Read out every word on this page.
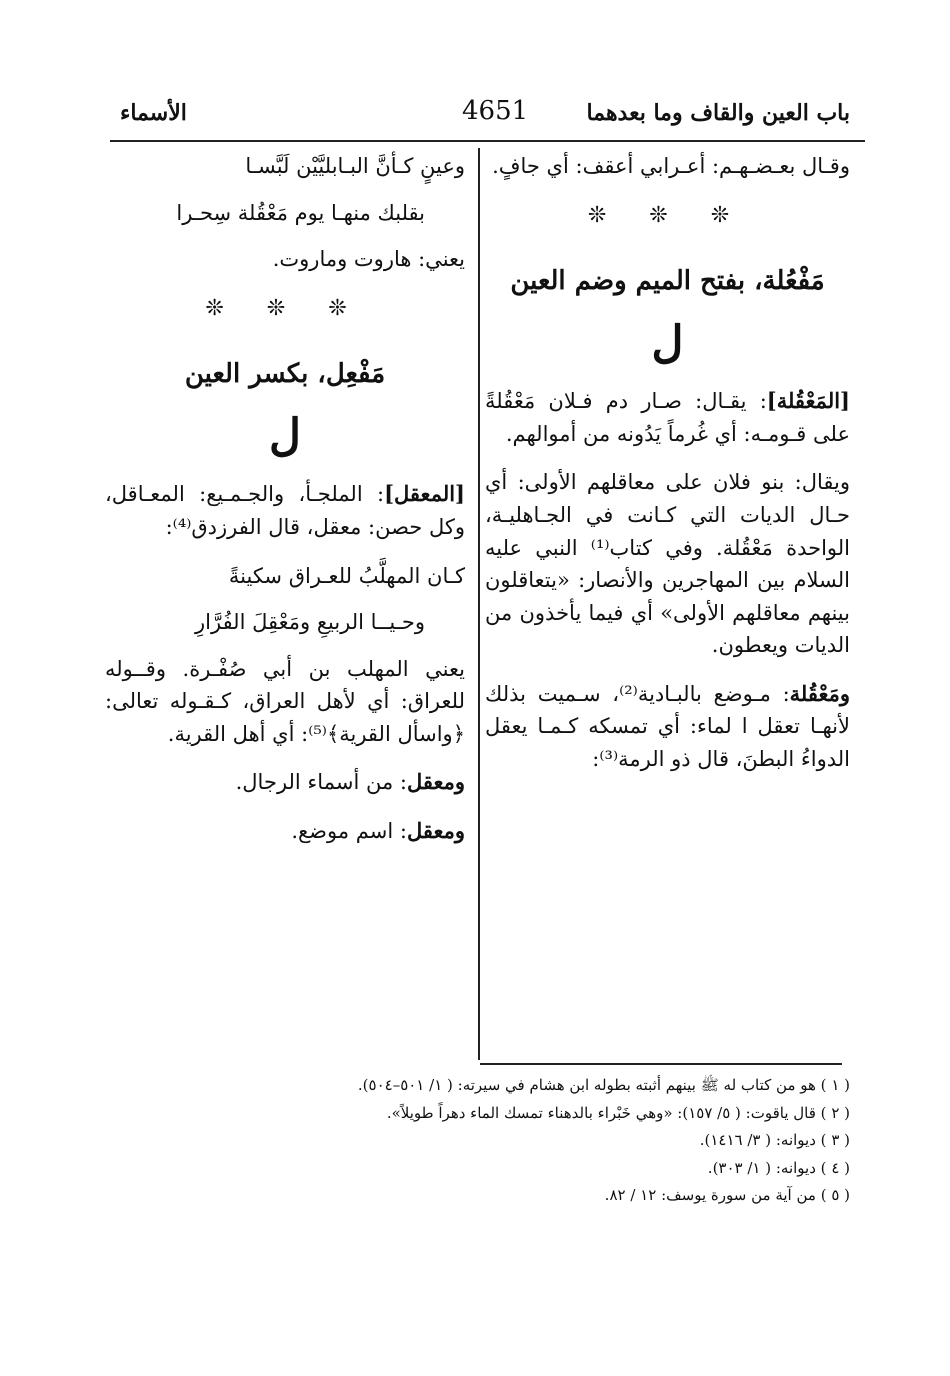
باب العين والقاف وما بعدهما
4651
الأسماء

وقـال بعـضـهـم: أعـرابي أعقف: أي جافٍ.

❊ ❊ ❊
مَفْعُلة، بفتح الميم وضم العين
ل

[المَعْقُلة]: يقـال: صـار دم فـلان مَعْقُلةً على قـومـه: أي غُرماً يَدُونه من أموالهم.

ويقال: بنو فلان على معاقلهم الأولى: أي حـال الديات التي كـانت في الجـاهليـة، الواحدة مَعْقُلة. وفي كتاب⁽¹⁾ النبي عليه السلام بين المهاجرين والأنصار: «يتعاقلون بينهم معاقلهم الأولى» أي فيما يأخذون من الديات ويعطون.

ومَعْقُلة: مـوضع بالبـادية⁽²⁾، سـميت بذلك لأنهـا تعقل ا لماء: أي تمسكه كـمـا يعقل الدواءُ البطنَ، قال ذو الرمة⁽³⁾:

وعينٍ كـأنَّ البـابليَّيْن لَبَّسـا

بقلبك منهـا يوم مَعْقُلة سِحـرا

يعني: هاروت وماروت.

❊ ❊ ❊
مَفْعِل، بكسر العين
ل

[المعقل]: الملجـأ، والجـمـيع: المعـاقل، وكل حصن: معقل، قال الفرزدق⁽⁴⁾:

كـان المهلَّبُ للعـراق سكينةً

وحـيــا الربيعِ ومَعْقِلَ الفُرَّارِ

يعني المهلب بن أبي صُفْـرة. وقــوله للعراق: أي لأهل العراق، كـقـوله تعالى: ﴿واسأل القرية﴾⁽⁵⁾: أي أهل القرية.

ومعقل: من أسماء الرجال.

ومعقل: اسم موضع.

( ١ ) هو من كتاب له ﷺ بينهم أثبته بطوله ابن هشام في سيرته: ( ١/ ٥٠١–٥٠٤).

( ٢ ) قال ياقوت: ( ٥/ ١٥٧): «وهي خَبْراء بالدهناء تمسك الماء دهراً طويلاً».

( ٣ ) ديوانه: ( ٣/ ١٤١٦).

( ٤ ) ديوانه: ( ١/ ٣٠٣).

( ٥ ) من آية من سورة يوسف: ١٢ / ٨٢.
